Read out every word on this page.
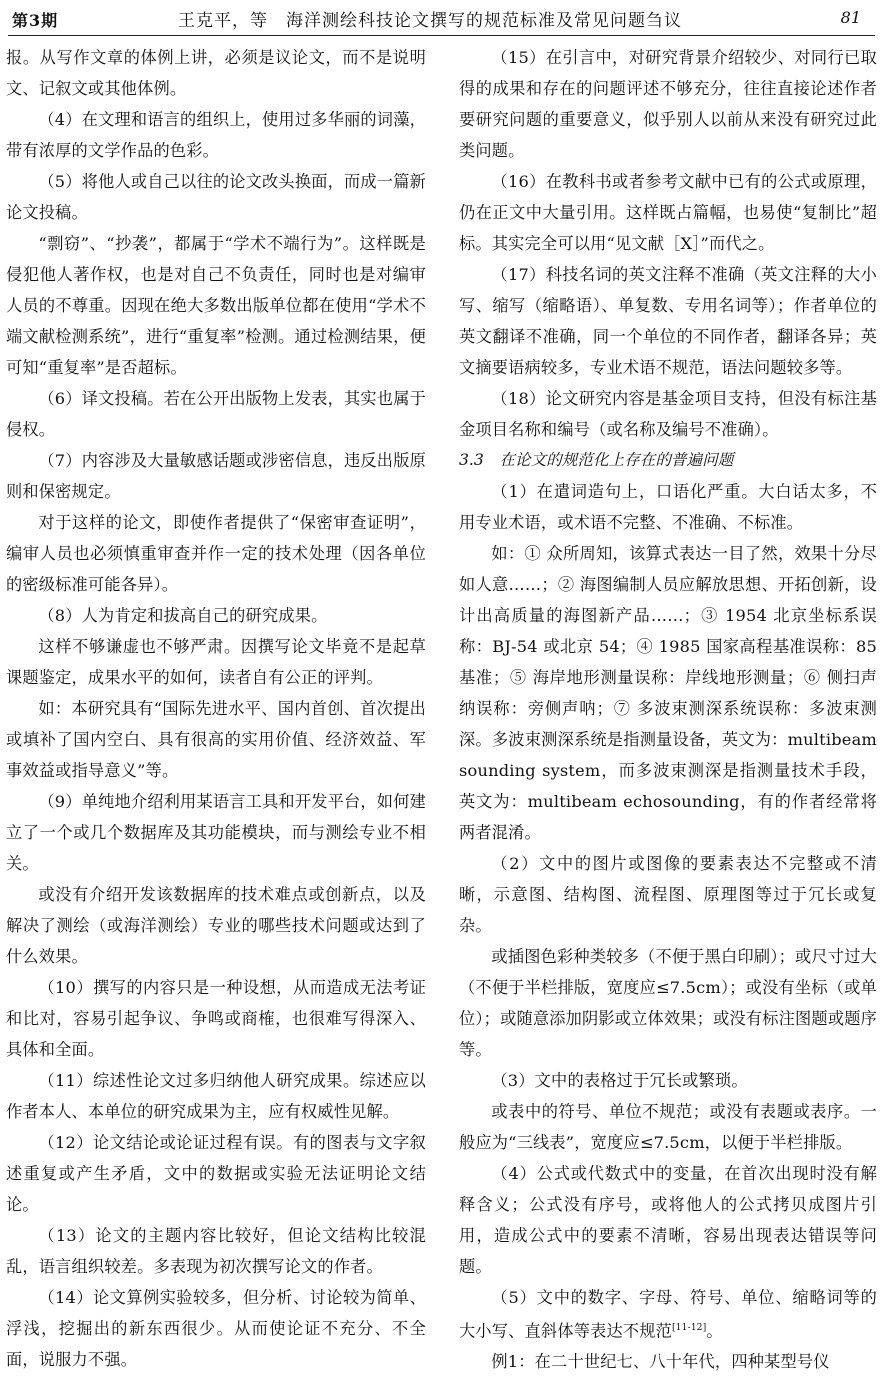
第3期	王克平，等　海洋测绘科技论文撰写的规范标准及常见问题刍议	81

报。从写作文章的体例上讲，必须是议论文，而不是说明文、记叙文或其他体例。

（4）在文理和语言的组织上，使用过多华丽的词藻，带有浓厚的文学作品的色彩。

（5）将他人或自己以往的论文改头换面，而成一篇新论文投稿。

“剽窃”、“抄袭”，都属于“学术不端行为”。这样既是侵犯他人著作权，也是对自己不负责任，同时也是对编审人员的不尊重。因现在绝大多数出版单位都在使用“学术不端文献检测系统”，进行“重复率”检测。通过检测结果，便可知“重复率”是否超标。

（6）译文投稿。若在公开出版物上发表，其实也属于侵权。

（7）内容涉及大量敏感话题或涉密信息，违反出版原则和保密规定。

对于这样的论文，即使作者提供了“保密审查证明”，编审人员也必须慎重审查并作一定的技术处理（因各单位的密级标准可能各异）。

（8）人为肯定和拔高自己的研究成果。

这样不够谦虚也不够严肃。因撰写论文毕竟不是起草课题鉴定，成果水平的如何，读者自有公正的评判。

如：本研究具有“国际先进水平、国内首创、首次提出或填补了国内空白、具有很高的实用价值、经济效益、军事效益或指导意义”等。

（9）单纯地介绍利用某语言工具和开发平台，如何建立了一个或几个数据库及其功能模块，而与测绘专业不相关。

或没有介绍开发该数据库的技术难点或创新点，以及解决了测绘（或海洋测绘）专业的哪些技术问题或达到了什么效果。

（10）撰写的内容只是一种设想，从而造成无法考证和比对，容易引起争议、争鸣或商榷，也很难写得深入、具体和全面。

（11）综述性论文过多归纳他人研究成果。综述应以作者本人、本单位的研究成果为主，应有权威性见解。

（12）论文结论或论证过程有误。有的图表与文字叙述重复或产生矛盾，文中的数据或实验无法证明论文结论。

（13）论文的主题内容比较好，但论文结构比较混乱，语言组织较差。多表现为初次撰写论文的作者。

（14）论文算例实验较多，但分析、讨论较为简单、浮浅，挖掘出的新东西很少。从而使论证不充分、不全面，说服力不强。

（15）在引言中，对研究背景介绍较少、对同行已取得的成果和存在的问题评述不够充分，往往直接论述作者要研究问题的重要意义，似乎别人以前从来没有研究过此类问题。

（16）在教科书或者参考文献中已有的公式或原理，仍在正文中大量引用。这样既占篇幅，也易使“复制比”超标。其实完全可以用“见文献［X］”而代之。

（17）科技名词的英文注释不准确（英文注释的大小写、缩写（缩略语）、单复数、专用名词等）；作者单位的英文翻译不准确，同一个单位的不同作者，翻译各异；英文摘要语病较多，专业术语不规范，语法问题较多等。

（18）论文研究内容是基金项目支持，但没有标注基金项目名称和编号（或名称及编号不准确）。

3.3　在论文的规范化上存在的普遍问题

（1）在遣词造句上，口语化严重。大白话太多，不用专业术语，或术语不完整、不准确、不标准。

如：① 众所周知，该算式表达一目了然，效果十分尽如人意……；② 海图编制人员应解放思想、开拓创新，设计出高质量的海图新产品……；③ 1954 北京坐标系误称：BJ-54 或北京 54；④ 1985 国家高程基准误称：85 基准；⑤ 海岸地形测量误称：岸线地形测量；⑥ 侧扫声纳误称：旁侧声呐；⑦ 多波束测深系统误称：多波束测深。多波束测深系统是指测量设备，英文为：multibeam sounding system，而多波束测深是指测量技术手段，英文为：multibeam echosounding，有的作者经常将两者混淆。

（2）文中的图片或图像的要素表达不完整或不清晰，示意图、结构图、流程图、原理图等过于冗长或复杂。

或插图色彩种类较多（不便于黑白印刷）；或尺寸过大（不便于半栏排版，宽度应≤7.5cm）；或没有坐标（或单位）；或随意添加阴影或立体效果；或没有标注图题或题序等。

（3）文中的表格过于冗长或繁琐。

或表中的符号、单位不规范；或没有表题或表序。一般应为“三线表”，宽度应≤7.5cm，以便于半栏排版。

（4）公式或代数式中的变量，在首次出现时没有解释含义；公式没有序号，或将他人的公式拷贝成图片引用，造成公式中的要素不清晰，容易出现表达错误等问题。

（5）文中的数字、字母、符号、单位、缩略词等的大小写、直斜体等表达不规范[11-12]。

例1：在二十世纪七、八十年代，四种某型号仪
